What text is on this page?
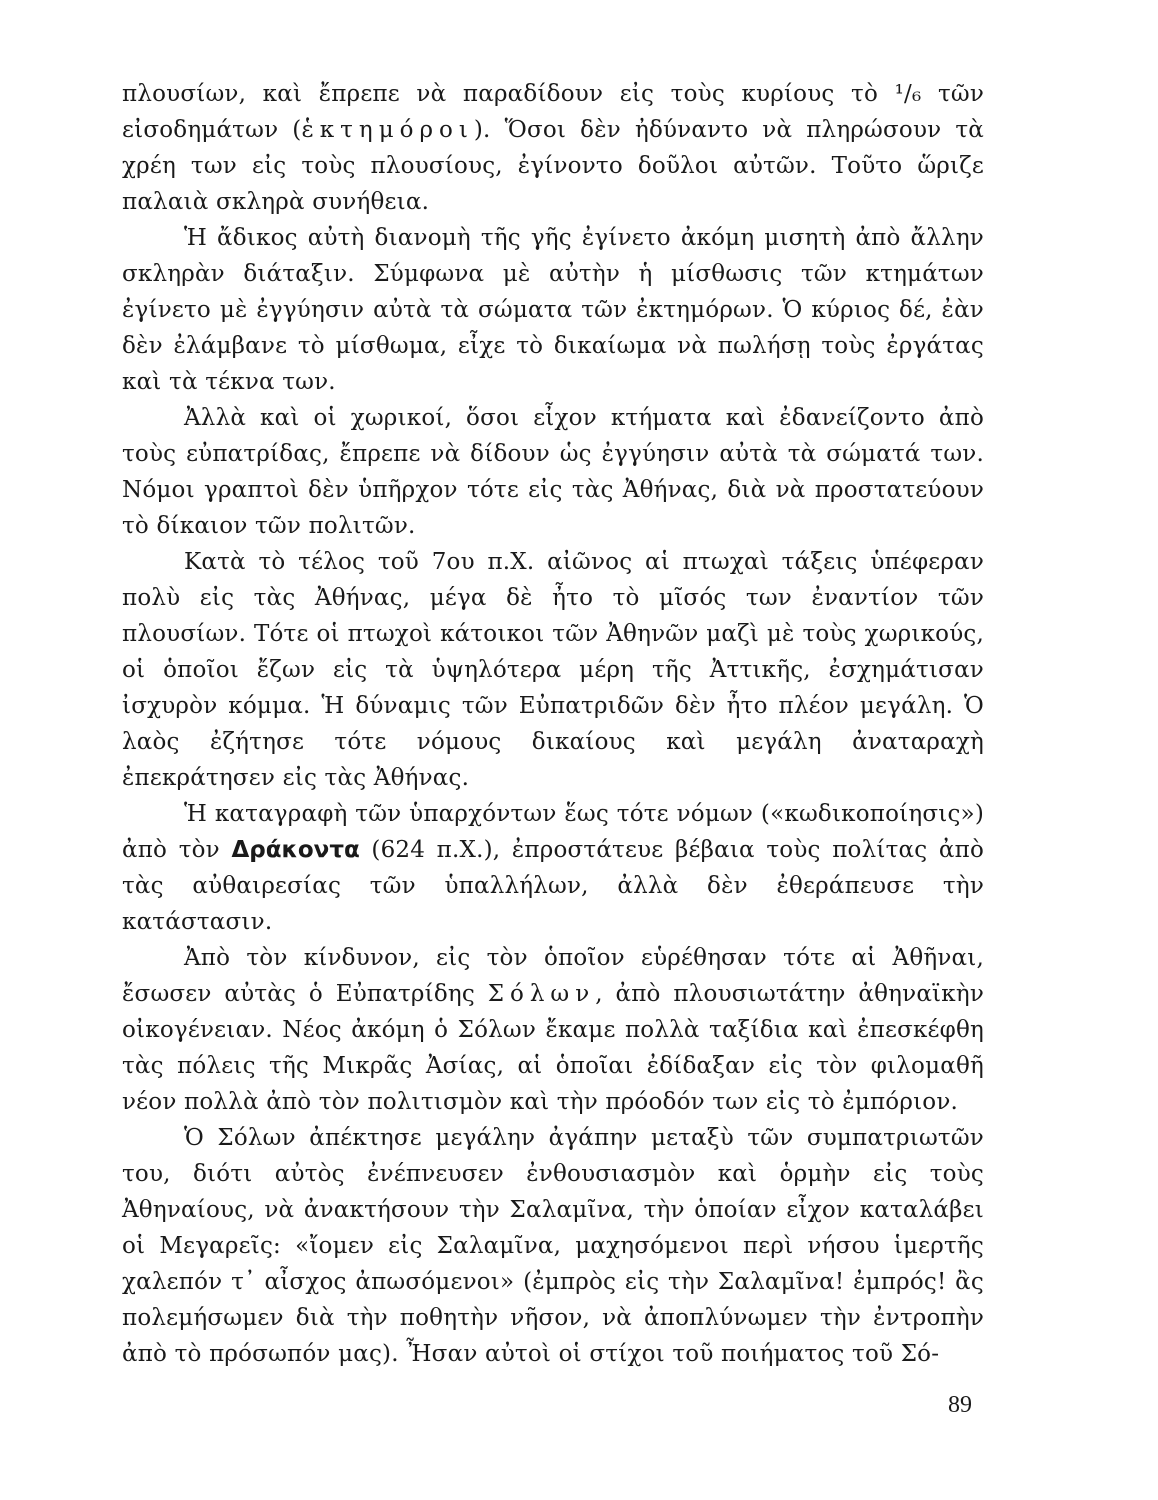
πλουσίων, καὶ ἔπρεπε νὰ παραδίδουν εἰς τοὺς κυρίους τὸ ¹/₆ τῶν εἰσοδημάτων (ἑκτημόροι). Ὅσοι δὲν ἠδύναντο νὰ πληρώσουν τὰ χρέη των εἰς τοὺς πλουσίους, ἐγίνοντο δοῦλοι αὐτῶν. Τοῦτο ὥριζε παλαιὰ σκληρὰ συνήθεια.

Ἡ ἄδικος αὐτὴ διανομὴ τῆς γῆς ἐγίνετο ἀκόμη μισητὴ ἀπὸ ἄλλην σκληρὰν διάταξιν. Σύμφωνα μὲ αὐτὴν ἡ μίσθωσις τῶν κτημάτων ἐγίνετο μὲ ἐγγύησιν αὐτὰ τὰ σώματα τῶν ἐκτημόρων. Ὁ κύριος δέ, ἐὰν δὲν ἐλάμβανε τὸ μίσθωμα, εἶχε τὸ δικαίωμα νὰ πωλήσῃ τοὺς ἐργάτας καὶ τὰ τέκνα των.

Ἀλλὰ καὶ οἱ χωρικοί, ὅσοι εἶχον κτήματα καὶ ἐδανείζοντο ἀπὸ τοὺς εὐπατρίδας, ἔπρεπε νὰ δίδουν ὡς ἐγγύησιν αὐτὰ τὰ σώματά των. Νόμοι γραπτοὶ δὲν ὑπῆρχον τότε εἰς τὰς Ἀθήνας, διὰ νὰ προστατεύουν τὸ δίκαιον τῶν πολιτῶν.

Κατὰ τὸ τέλος τοῦ 7ου π.Χ. αἰῶνος αἱ πτωχαὶ τάξεις ὑπέφεραν πολὺ εἰς τὰς Ἀθήνας, μέγα δὲ ἦτο τὸ μῖσός των ἐναντίον τῶν πλουσίων. Τότε οἱ πτωχοὶ κάτοικοι τῶν Ἀθηνῶν μαζὶ μὲ τοὺς χωρικούς, οἱ ὁποῖοι ἔζων εἰς τὰ ὑψηλότερα μέρη τῆς Ἀττικῆς, ἐσχημάτισαν ἰσχυρὸν κόμμα. Ἡ δύναμις τῶν Εὐπατριδῶν δὲν ἦτο πλέον μεγάλη. Ὁ λαὸς ἐζήτησε τότε νόμους δικαίους καὶ μεγάλη ἀναταραχὴ ἐπεκράτησεν εἰς τὰς Ἀθήνας.

Ἡ καταγραφὴ τῶν ὑπαρχόντων ἕως τότε νόμων («κωδικοποίησις») ἀπὸ τὸν Δράκοντα (624 π.Χ.), ἐπροστάτευε βέβαια τοὺς πολίτας ἀπὸ τὰς αὐθαιρεσίας τῶν ὑπαλλήλων, ἀλλὰ δὲν ἐθεράπευσε τὴν κατάστασιν.

Ἀπὸ τὸν κίνδυνον, εἰς τὸν ὁποῖον εὑρέθησαν τότε αἱ Ἀθῆναι, ἔσωσεν αὐτὰς ὁ Εὐπατρίδης Σόλων, ἀπὸ πλουσιωτάτην ἀθηναϊκὴν οἰκογένειαν. Νέος ἀκόμη ὁ Σόλων ἔκαμε πολλὰ ταξίδια καὶ ἐπεσκέφθη τὰς πόλεις τῆς Μικρᾶς Ἀσίας, αἱ ὁποῖαι ἐδίδαξαν εἰς τὸν φιλομαθῆ νέον πολλὰ ἀπὸ τὸν πολιτισμὸν καὶ τὴν πρόοδόν των εἰς τὸ ἐμπόριον.

Ὁ Σόλων ἀπέκτησε μεγάλην ἀγάπην μεταξὺ τῶν συμπατριωτῶν του, διότι αὐτὸς ἐνέπνευσεν ἐνθουσιασμὸν καὶ ὁρμὴν εἰς τοὺς Ἀθηναίους, νὰ ἀνακτήσουν τὴν Σαλαμῖνα, τὴν ὁποίαν εἶχον καταλάβει οἱ Μεγαρεῖς: «ἴομεν εἰς Σαλαμῖνα, μαχησόμενοι περὶ νήσου ἱμερτῆς χαλεπόν τ᾽ αἶσχος ἀπωσόμενοι» (ἐμπρὸς εἰς τὴν Σαλαμῖνα! ἐμπρός! ἂς πολεμήσωμεν διὰ τὴν ποθητὴν νῆσον, νὰ ἀποπλύνωμεν τὴν ἐντροπὴν ἀπὸ τὸ πρόσωπόν μας). Ἦσαν αὐτοὶ οἱ στίχοι τοῦ ποιήματος τοῦ Σό-

89
